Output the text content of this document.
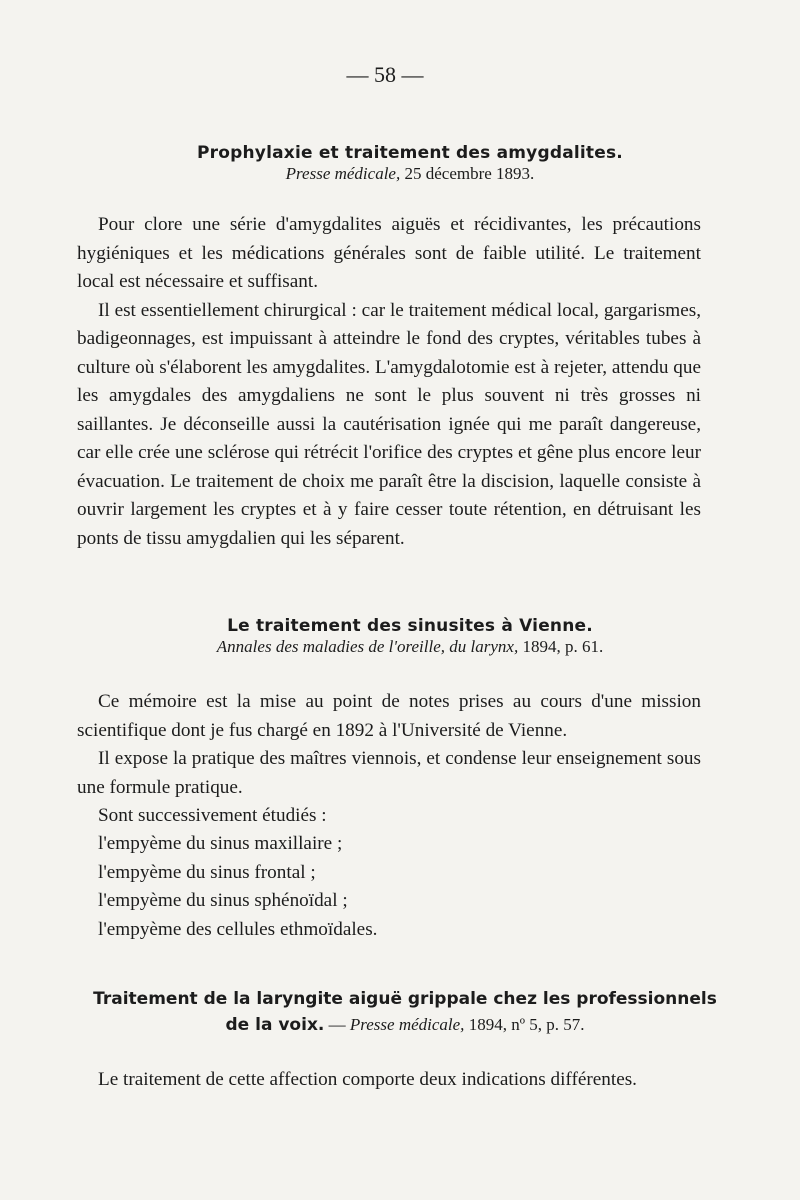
— 58 —
Prophylaxie et traitement des amygdalites.
Presse médicale, 25 décembre 1893.

Pour clore une série d'amygdalites aiguës et récidivantes, les précautions hygiéniques et les médications générales sont de faible utilité. Le traitement local est nécessaire et suffisant.

Il est essentiellement chirurgical : car le traitement médical local, gargarismes, badigeonnages, est impuissant à atteindre le fond des cryptes, véritables tubes à culture où s'élaborent les amygdalites. L'amygdalotomie est à rejeter, attendu que les amygdales des amygdaliens ne sont le plus souvent ni très grosses ni saillantes. Je déconseille aussi la cautérisation ignée qui me paraît dangereuse, car elle crée une sclérose qui rétrécit l'orifice des cryptes et gêne plus encore leur évacuation. Le traitement de choix me paraît être la discision, laquelle consiste à ouvrir largement les cryptes et à y faire cesser toute rétention, en détruisant les ponts de tissu amygdalien qui les séparent.

Le traitement des sinusites à Vienne.
Annales des maladies de l'oreille, du larynx, 1894, p. 61.

Ce mémoire est la mise au point de notes prises au cours d'une mission scientifique dont je fus chargé en 1892 à l'Université de Vienne.

Il expose la pratique des maîtres viennois, et condense leur enseignement sous une formule pratique.

Sont successivement étudiés :

l'empyème du sinus maxillaire ;
l'empyème du sinus frontal ;
l'empyème du sinus sphénoïdal ;
l'empyème des cellules ethmoïdales.
Traitement de la laryngite aiguë grippale chez les professionnels
de la voix. — Presse médicale, 1894, nº 5, p. 57.

Le traitement de cette affection comporte deux indications différentes.
